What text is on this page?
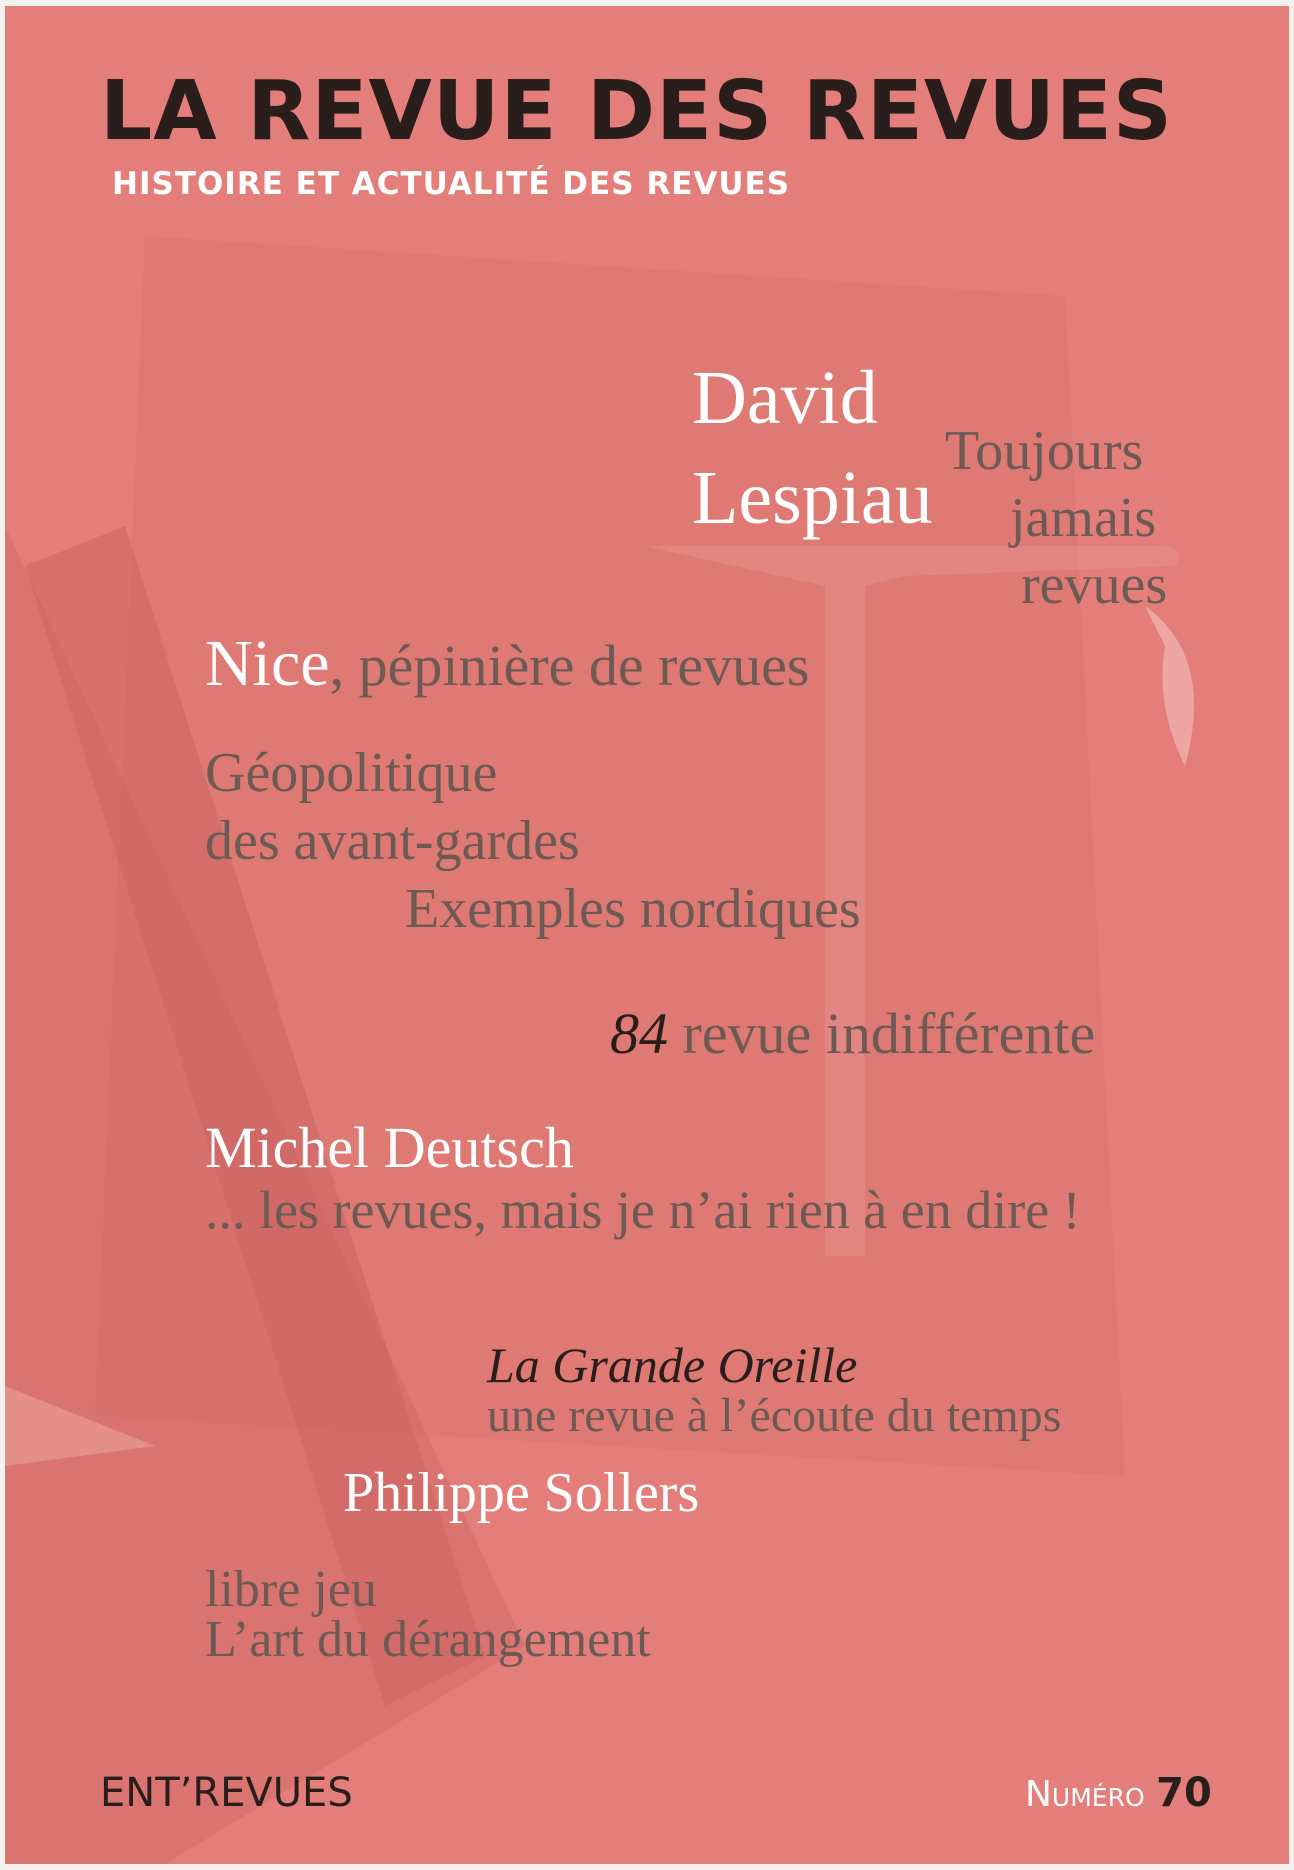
LA REVUE DES REVUES
HISTOIRE ET ACTUALITÉ DES REVUES
David
Lespiau
Toujours
jamais
revues
Nice, pépinière de revues
Géopolitique
des avant-gardes
Exemples nordiques
84 revue indifférente
Michel Deutsch
... les revues, mais je n’ai rien à en dire !
La Grande Oreille
une revue à l’écoute du temps
Philippe Sollers
libre jeu
L’art du dérangement
ENT’REVUES	Numéro 70
